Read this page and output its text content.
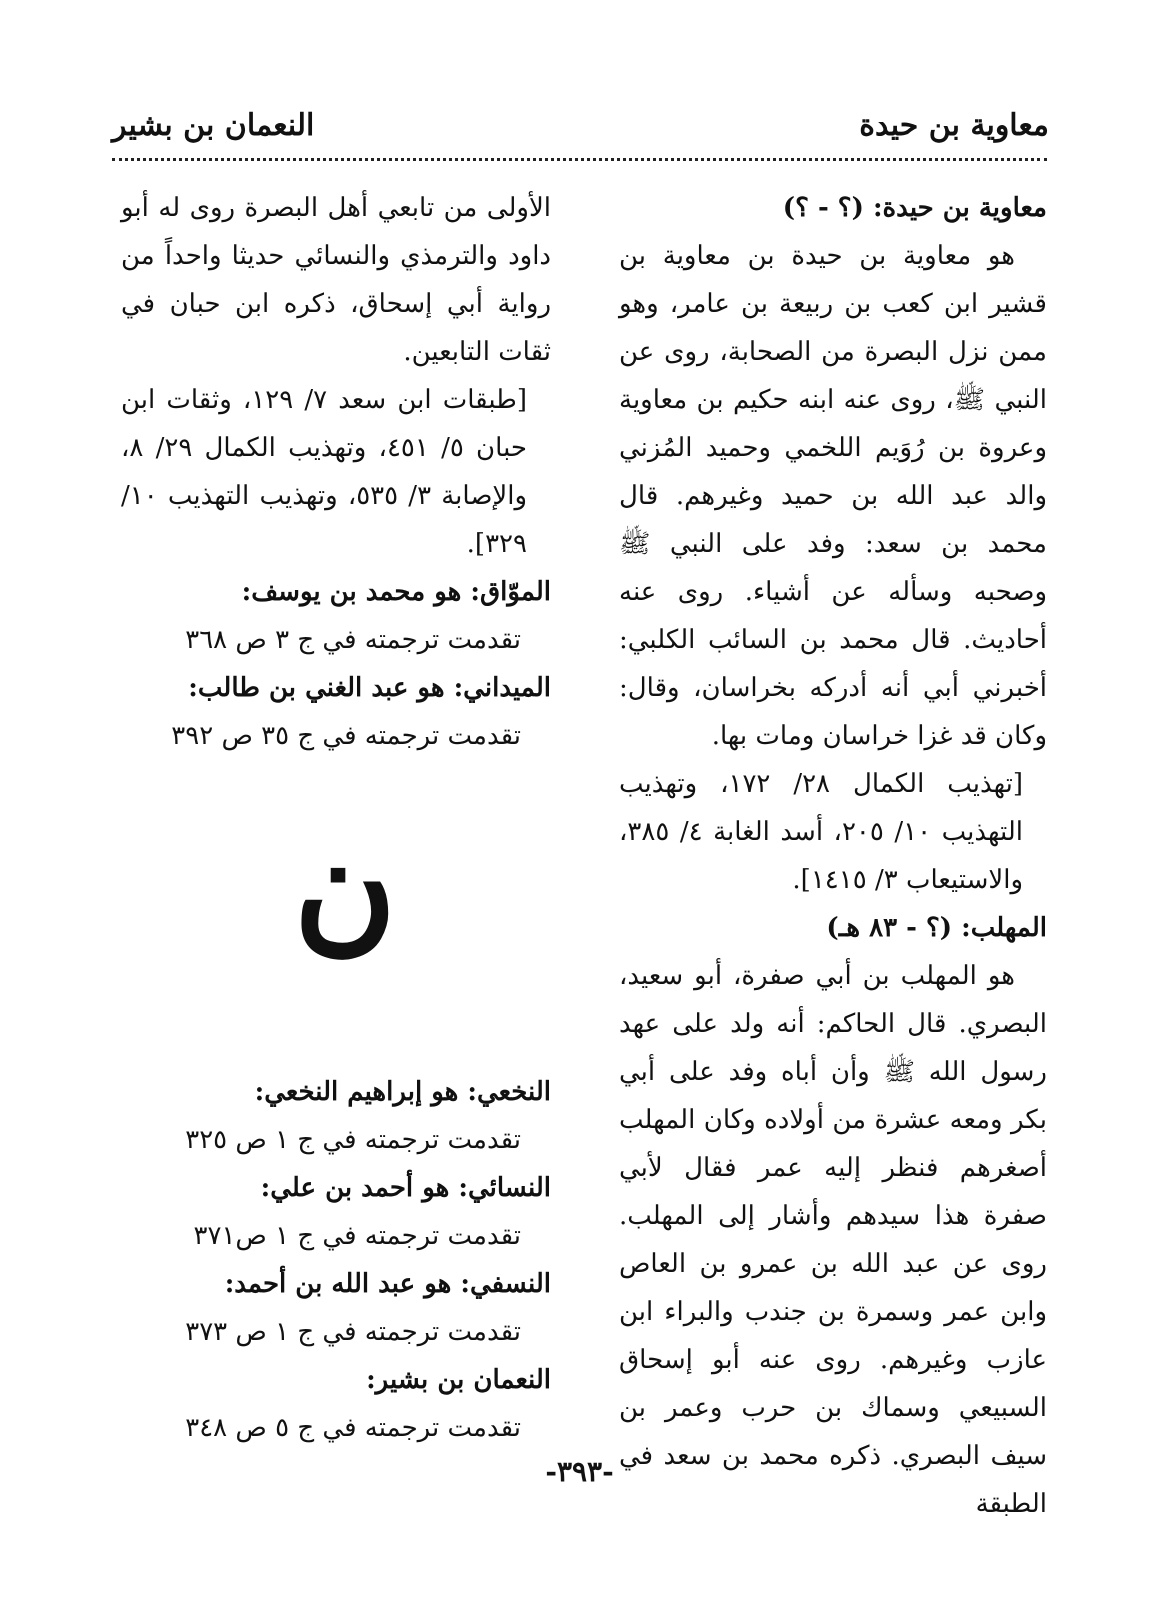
معاوية بن حيدة
النعمان بن بشير

معاوية بن حيدة: (؟ - ؟)

هو معاوية بن حيدة بن معاوية بن قشير ابن كعب بن ربيعة بن عامر، وهو ممن نزل البصرة من الصحابة، روى عن النبي ﷺ، روى عنه ابنه حكيم بن معاوية وعروة بن رُوَيم اللخمي وحميد المُزني والد عبد الله بن حميد وغيرهم. قال محمد بن سعد: وفد على النبي ﷺ وصحبه وسأله عن أشياء. روى عنه أحاديث. قال محمد بن السائب الكلبي: أخبرني أبي أنه أدركه بخراسان، وقال: وكان قد غزا خراسان ومات بها.

[تهذيب الكمال ٢٨/ ١٧٢، وتهذيب التهذيب ١٠/ ٢٠٥، أسد الغابة ٤/ ٣٨٥، والاستيعاب ٣/ ١٤١٥].

المهلب: (؟ - ٨٣ هـ)

هو المهلب بن أبي صفرة، أبو سعيد، البصري. قال الحاكم: أنه ولد على عهد رسول الله ﷺ وأن أباه وفد على أبي بكر ومعه عشرة من أولاده وكان المهلب أصغرهم فنظر إليه عمر فقال لأبي صفرة هذا سيدهم وأشار إلى المهلب. روى عن عبد الله بن عمرو بن العاص وابن عمر وسمرة بن جندب والبراء ابن عازب وغيرهم. روى عنه أبو إسحاق السبيعي وسماك بن حرب وعمر بن سيف البصري. ذكره محمد بن سعد في الطبقة

الأولى من تابعي أهل البصرة روى له أبو داود والترمذي والنسائي حديثا واحداً من رواية أبي إسحاق، ذكره ابن حبان في ثقات التابعين.

[طبقات ابن سعد ٧/ ١٢٩، وثقات ابن حبان ٥/ ٤٥١، وتهذيب الكمال ٢٩/ ٨، والإصابة ٣/ ٥٣٥، وتهذيب التهذيب ١٠/ ٣٢٩].

الموّاق: هو محمد بن يوسف:

تقدمت ترجمته في ج ٣ ص ٣٦٨

الميداني: هو عبد الغني بن طالب:

تقدمت ترجمته في ج ٣٥ ص ٣٩٢

النخعي: هو إبراهيم النخعي:

تقدمت ترجمته في ج ١ ص ٣٢٥

النسائي: هو أحمد بن علي:

تقدمت ترجمته في ج ١ ص٣٧١

النسفي: هو عبد الله بن أحمد:

تقدمت ترجمته في ج ١ ص ٣٧٣

النعمان بن بشير:

تقدمت ترجمته في ج ٥ ص ٣٤٨

ن
-٣٩٣-
